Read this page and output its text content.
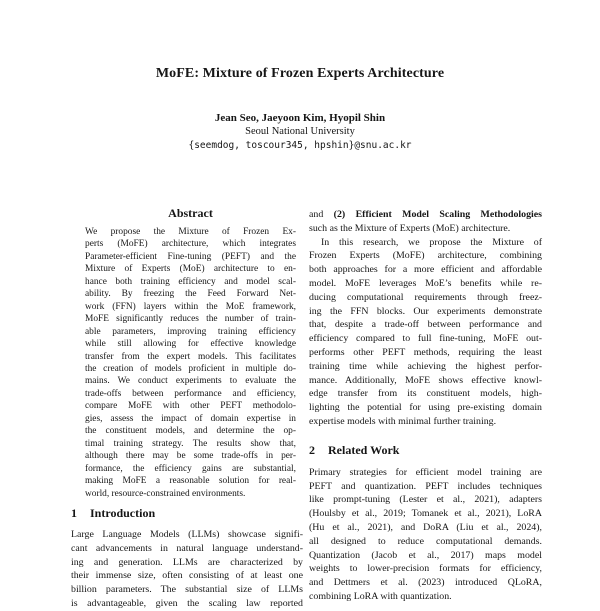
MoFE: Mixture of Frozen Experts Architecture
Jean Seo, Jaeyoon Kim, Hyopil Shin
Seoul National University
{seemdog, toscour345, hpshin}@snu.ac.kr
Abstract
We propose the Mixture of Frozen Ex-
perts (MoFE) architecture, which integrates
Parameter-efficient Fine-tuning (PEFT) and the
Mixture of Experts (MoE) architecture to en-
hance both training efficiency and model scal-
ability. By freezing the Feed Forward Net-
work (FFN) layers within the MoE framework,
MoFE significantly reduces the number of train-
able parameters, improving training efficiency
while still allowing for effective knowledge
transfer from the expert models. This facilitates
the creation of models proficient in multiple do-
mains. We conduct experiments to evaluate the
trade-offs between performance and efficiency,
compare MoFE with other PEFT methodolo-
gies, assess the impact of domain expertise in
the constituent models, and determine the op-
timal training strategy. The results show that,
although there may be some trade-offs in per-
formance, the efficiency gains are substantial,
making MoFE a reasonable solution for real-
world, resource-constrained environments.
1 Introduction
Large Language Models (LLMs) showcase signifi-
cant advancements in natural language understand-
ing and generation. LLMs are characterized by
their immense size, often consisting of at least one
billion parameters. The substantial size of LLMs
is advantageable, given the scaling law reported
and (2) Efficient Model Scaling Methodologies
such as the Mixture of Experts (MoE) architecture.
In this research, we propose the Mixture of
Frozen Experts (MoFE) architecture, combining
both approaches for a more efficient and affordable
model. MoFE leverages MoE’s benefits while re-
ducing computational requirements through freez-
ing the FFN blocks. Our experiments demonstrate
that, despite a trade-off between performance and
efficiency compared to full fine-tuning, MoFE out-
performs other PEFT methods, requiring the least
training time while achieving the highest perfor-
mance. Additionally, MoFE shows effective knowl-
edge transfer from its constituent models, high-
lighting the potential for using pre-existing domain
expertise models with minimal further training.
2 Related Work
Primary strategies for efficient model training are
PEFT and quantization. PEFT includes techniques
like prompt-tuning (Lester et al., 2021), adapters
(Houlsby et al., 2019; Tomanek et al., 2021), LoRA
(Hu et al., 2021), and DoRA (Liu et al., 2024),
all designed to reduce computational demands.
Quantization (Jacob et al., 2017) maps model
weights to lower-precision formats for efficiency,
and Dettmers et al. (2023) introduced QLoRA,
combining LoRA with quantization.
